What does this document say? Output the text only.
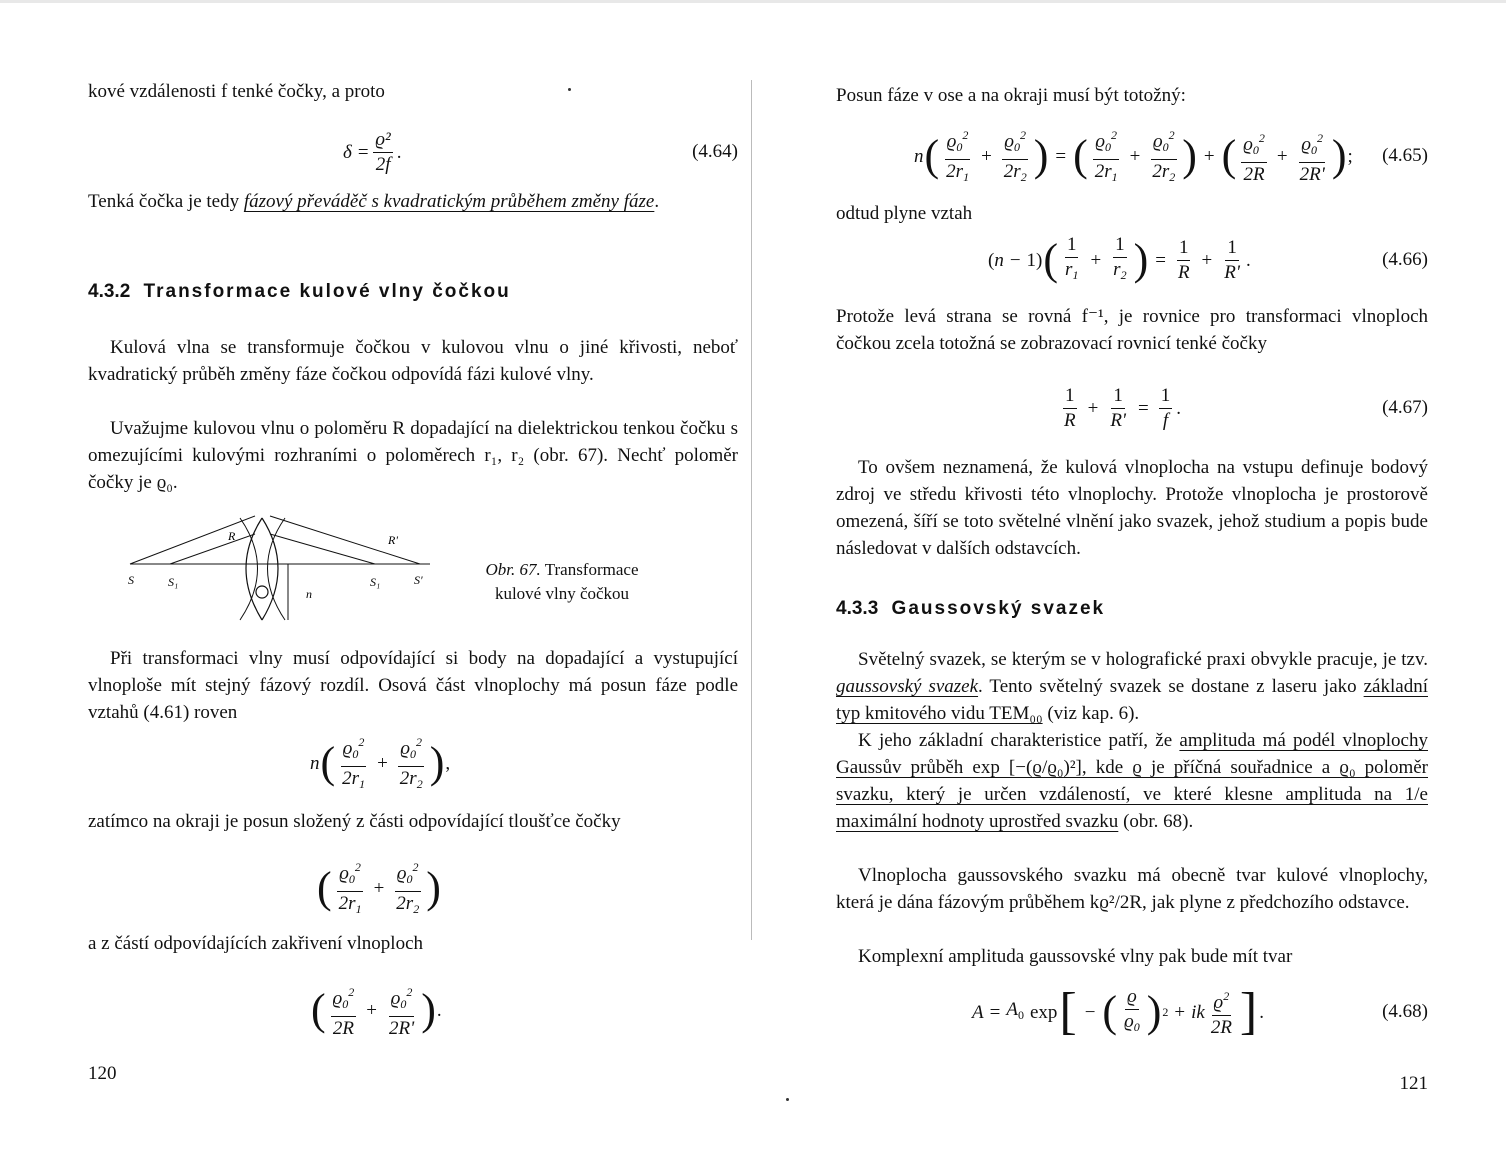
kové vzdálenosti f tenké čočky, a proto
$\delta = \frac{\text{ϱ²}}{2f}$ .	(4.64)
Tenká čočka je tedy fázový převáděč s kvadratickým průběhem změny fáze.
4.3.2 Transformace kulové vlny čočkou
Kulová vlna se transformuje čočkou v kulovou vlnu o jiné křivosti, neboť kvadratický průběh změny fáze čočkou odpovídá fázi kulové vlny.
Uvažujme kulovou vlnu o poloměru R dopadající na dielektrickou tenkou čočku s omezujícími kulovými rozhraními o poloměrech r₁, r₂ (obr. 67). Nechť poloměr čočky je ϱ₀.
R	R'
S	S₁	S₁	S'
n
Obr. 67. Transformace kulové vlny čočkou
Při transformaci vlny musí odpovídající si body na dopadající a vystupující vlnoploše mít stejný fázový rozdíl. Osová část vlnoplochy má posun fáze podle vztahů (4.61) roven
n ( $\frac{ϱ_0^2}{2r_1} + \frac{ϱ_0^2}{2r_2}$ ) ,
zatímco na okraji je posun složený z části odpovídající tloušťce čočky
( $\frac{ϱ_0^2}{2r_1} + \frac{ϱ_0^2}{2r_2}$ )
a z částí odpovídajících zakřivení vlnoploch
( $\frac{ϱ_0^2}{2R} + \frac{ϱ_0^2}{2R'}$ ) .
120
Posun fáze v ose a na okraji musí být totožný:
n ( $\frac{ϱ_0^2}{2r_1} + \frac{ϱ_0^2}{2r_2}$ ) = ( $\frac{ϱ_0^2}{2r_1} + \frac{ϱ_0^2}{2r_2}$ ) + ( $\frac{ϱ_0^2}{2R} + \frac{ϱ_0^2}{2R'}$ ) ; (4.65)
odtud plyne vztah
( n − 1) ( $\frac{1}{r_1} + \frac{1}{r_2}$ ) = $\frac{1}{R} + \frac{1}{R'}$ .	(4.66)
Protože levá strana se rovná f⁻¹, je rovnice pro transformaci vlnoploch čočkou zcela totožná se zobrazovací rovnicí tenké čočky
$\frac{1}{R} + \frac{1}{R'} = \frac{1}{f}$ .	(4.67)
To ovšem neznamená, že kulová vlnoplocha na vstupu definuje bodový zdroj ve středu křivosti této vlnoplochy. Protože vlnoplocha je prostorově omezená, šíří se toto světelné vlnění jako svazek, jehož studium a popis bude následovat v dalších odstavcích.
4.3.3 Gaussovský svazek
Světelný svazek, se kterým se v holografické praxi obvykle pracuje, je tzv. gaussovský svazek. Tento světelný svazek se dostane z laseru jako základní typ kmitového vidu TEM₀₀ (viz kap. 6).
K jeho základní charakteristice patří, že amplituda má podél vlnoplochy Gaussův průběh exp [−(ϱ/ϱ₀)²], kde ϱ je příčná souřadnice a ϱ₀ poloměr svazku, který je určen vzdáleností, ve které klesne amplituda na 1/e maximální hodnoty uprostřed svazku (obr. 68).
Vlnoplocha gaussovského svazku má obecně tvar kulové vlnoplochy, která je dána fázovým průběhem kϱ²/2R, jak plyne z předchozího odstavce.
Komplexní amplituda gaussovské vlny pak bude mít tvar
$A = A_0$ exp [ − ( $\frac{ϱ}{ϱ_0}$ ) 2 + ik $\frac{ϱ^2}{2R}$ ] .	(4.68)
121
